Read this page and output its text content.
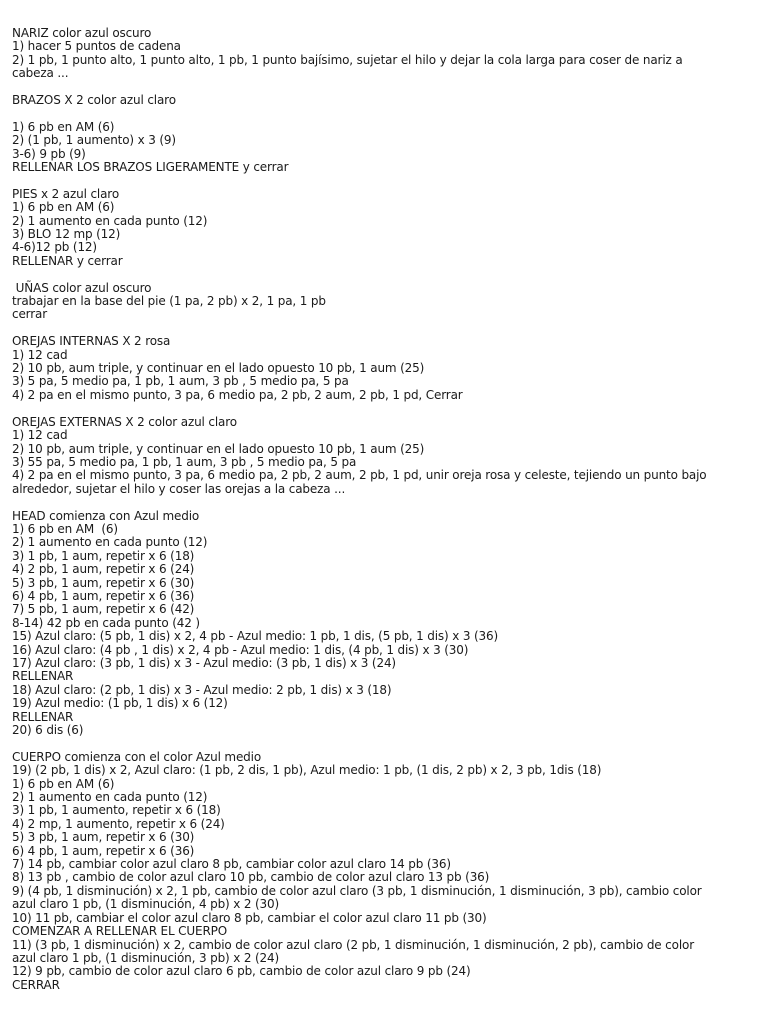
NARIZ color azul oscuro
1) hacer 5 puntos de cadena
2) 1 pb, 1 punto alto, 1 punto alto, 1 pb, 1 punto bajísimo, sujetar el hilo y dejar la cola larga para coser de nariz a
cabeza ...
BRAZOS X 2 color azul claro
1) 6 pb en AM (6)
2) (1 pb, 1 aumento) x 3 (9)
3-6) 9 pb (9)
RELLENAR LOS BRAZOS LIGERAMENTE y cerrar
PIES x 2 azul claro
1) 6 pb en AM (6)
2) 1 aumento en cada punto (12)
3) BLO 12 mp (12)
4-6)12 pb (12)
RELLENAR y cerrar
UÑAS color azul oscuro
trabajar en la base del pie (1 pa, 2 pb) x 2, 1 pa, 1 pb
cerrar
OREJAS INTERNAS X 2 rosa
1) 12 cad
2) 10 pb, aum triple, y continuar en el lado opuesto 10 pb, 1 aum (25)
3) 5 pa, 5 medio pa, 1 pb, 1 aum, 3 pb , 5 medio pa, 5 pa
4) 2 pa en el mismo punto, 3 pa, 6 medio pa, 2 pb, 2 aum, 2 pb, 1 pd, Cerrar
OREJAS EXTERNAS X 2 color azul claro
1) 12 cad
2) 10 pb, aum triple, y continuar en el lado opuesto 10 pb, 1 aum (25)
3) 55 pa, 5 medio pa, 1 pb, 1 aum, 3 pb , 5 medio pa, 5 pa
4) 2 pa en el mismo punto, 3 pa, 6 medio pa, 2 pb, 2 aum, 2 pb, 1 pd, unir oreja rosa y celeste, tejiendo un punto bajo
alrededor, sujetar el hilo y coser las orejas a la cabeza ...
HEAD comienza con Azul medio
1) 6 pb en AM  (6)
2) 1 aumento en cada punto (12)
3) 1 pb, 1 aum, repetir x 6 (18)
4) 2 pb, 1 aum, repetir x 6 (24)
5) 3 pb, 1 aum, repetir x 6 (30)
6) 4 pb, 1 aum, repetir x 6 (36)
7) 5 pb, 1 aum, repetir x 6 (42)
8-14) 42 pb en cada punto (42 )
15) Azul claro: (5 pb, 1 dis) x 2, 4 pb - Azul medio: 1 pb, 1 dis, (5 pb, 1 dis) x 3 (36)
16) Azul claro: (4 pb , 1 dis) x 2, 4 pb - Azul medio: 1 dis, (4 pb, 1 dis) x 3 (30)
17) Azul claro: (3 pb, 1 dis) x 3 - Azul medio: (3 pb, 1 dis) x 3 (24)
RELLENAR
18) Azul claro: (2 pb, 1 dis) x 3 - Azul medio: 2 pb, 1 dis) x 3 (18)
19) Azul medio: (1 pb, 1 dis) x 6 (12)
RELLENAR
20) 6 dis (6)
CUERPO comienza con el color Azul medio
19) (2 pb, 1 dis) x 2, Azul claro: (1 pb, 2 dis, 1 pb), Azul medio: 1 pb, (1 dis, 2 pb) x 2, 3 pb, 1dis (18)
1) 6 pb en AM (6)
2) 1 aumento en cada punto (12)
3) 1 pb, 1 aumento, repetir x 6 (18)
4) 2 mp, 1 aumento, repetir x 6 (24)
5) 3 pb, 1 aum, repetir x 6 (30)
6) 4 pb, 1 aum, repetir x 6 (36)
7) 14 pb, cambiar color azul claro 8 pb, cambiar color azul claro 14 pb (36)
8) 13 pb , cambio de color azul claro 10 pb, cambio de color azul claro 13 pb (36)
9) (4 pb, 1 disminución) x 2, 1 pb, cambio de color azul claro (3 pb, 1 disminución, 1 disminución, 3 pb), cambio color
azul claro 1 pb, (1 disminución, 4 pb) x 2 (30)
10) 11 pb, cambiar el color azul claro 8 pb, cambiar el color azul claro 11 pb (30)
COMENZAR A RELLENAR EL CUERPO
11) (3 pb, 1 disminución) x 2, cambio de color azul claro (2 pb, 1 disminución, 1 disminución, 2 pb), cambio de color
azul claro 1 pb, (1 disminución, 3 pb) x 2 (24)
12) 9 pb, cambio de color azul claro 6 pb, cambio de color azul claro 9 pb (24)
CERRAR
